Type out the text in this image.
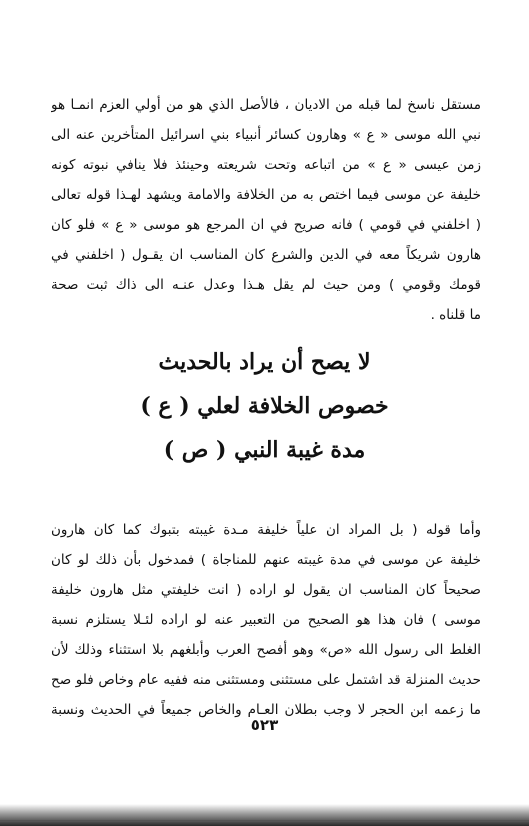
مستقل ناسخ لما قبله من الاديان ، فالأصل الذي هو من أولي العزم انمـا هو
نبي الله موسى « ع » وهارون كسائر أنبياء بني اسرائيل المتأخرين عنه الى
زمن عيسى « ع » من اتباعه وتحت شريعته وحينئذ فلا ينافي نبوته كونه
خليفة عن موسى فيما اختص به من الخلافة والامامة ويشهد لهـذا قوله تعالى
( اخلفني في قومي ) فانه صريح في ان المرجع هو موسى « ع » فلو كان
هارون شريكاً معه في الدين والشرع كان المناسب ان يقـول ( اخلفني في
قومك وقومي ) ومن حيث لم يقل هـذا وعدل عنـه الى ذاك ثبت صحة
ما قلناه .
لا يصح أن يراد بالحديث
خصوص الخلافة لعلي ( ع )
مدة غيبة النبي ( ص )
وأما قوله ( بل المراد ان علياً خليفة مـدة غيبته بتبوك كما كان هارون
خليفة عن موسى في مدة غيبته عنهم للمناجاة ) فمدخول بأن ذلك لو كان
صحيحاً كان المناسب ان يقول لو اراده ( انت خليفتي مثل هارون خليفة
موسى ) فان هذا هو الصحيح من التعبير عنه لو اراده لئـلا يستلزم نسبة
الغلط الى رسول الله «ص» وهو أفصح العرب وأبلغهم بلا استثناء وذلك لأن
حديث المنزلة قد اشتمل على مستثنى ومستثنى منه ففيه عام وخاص فلو صح
ما زعمه ابن الحجر لا وجب بطلان العـام والخاص جميعاً في الحديث ونسبة
٥٢٣
